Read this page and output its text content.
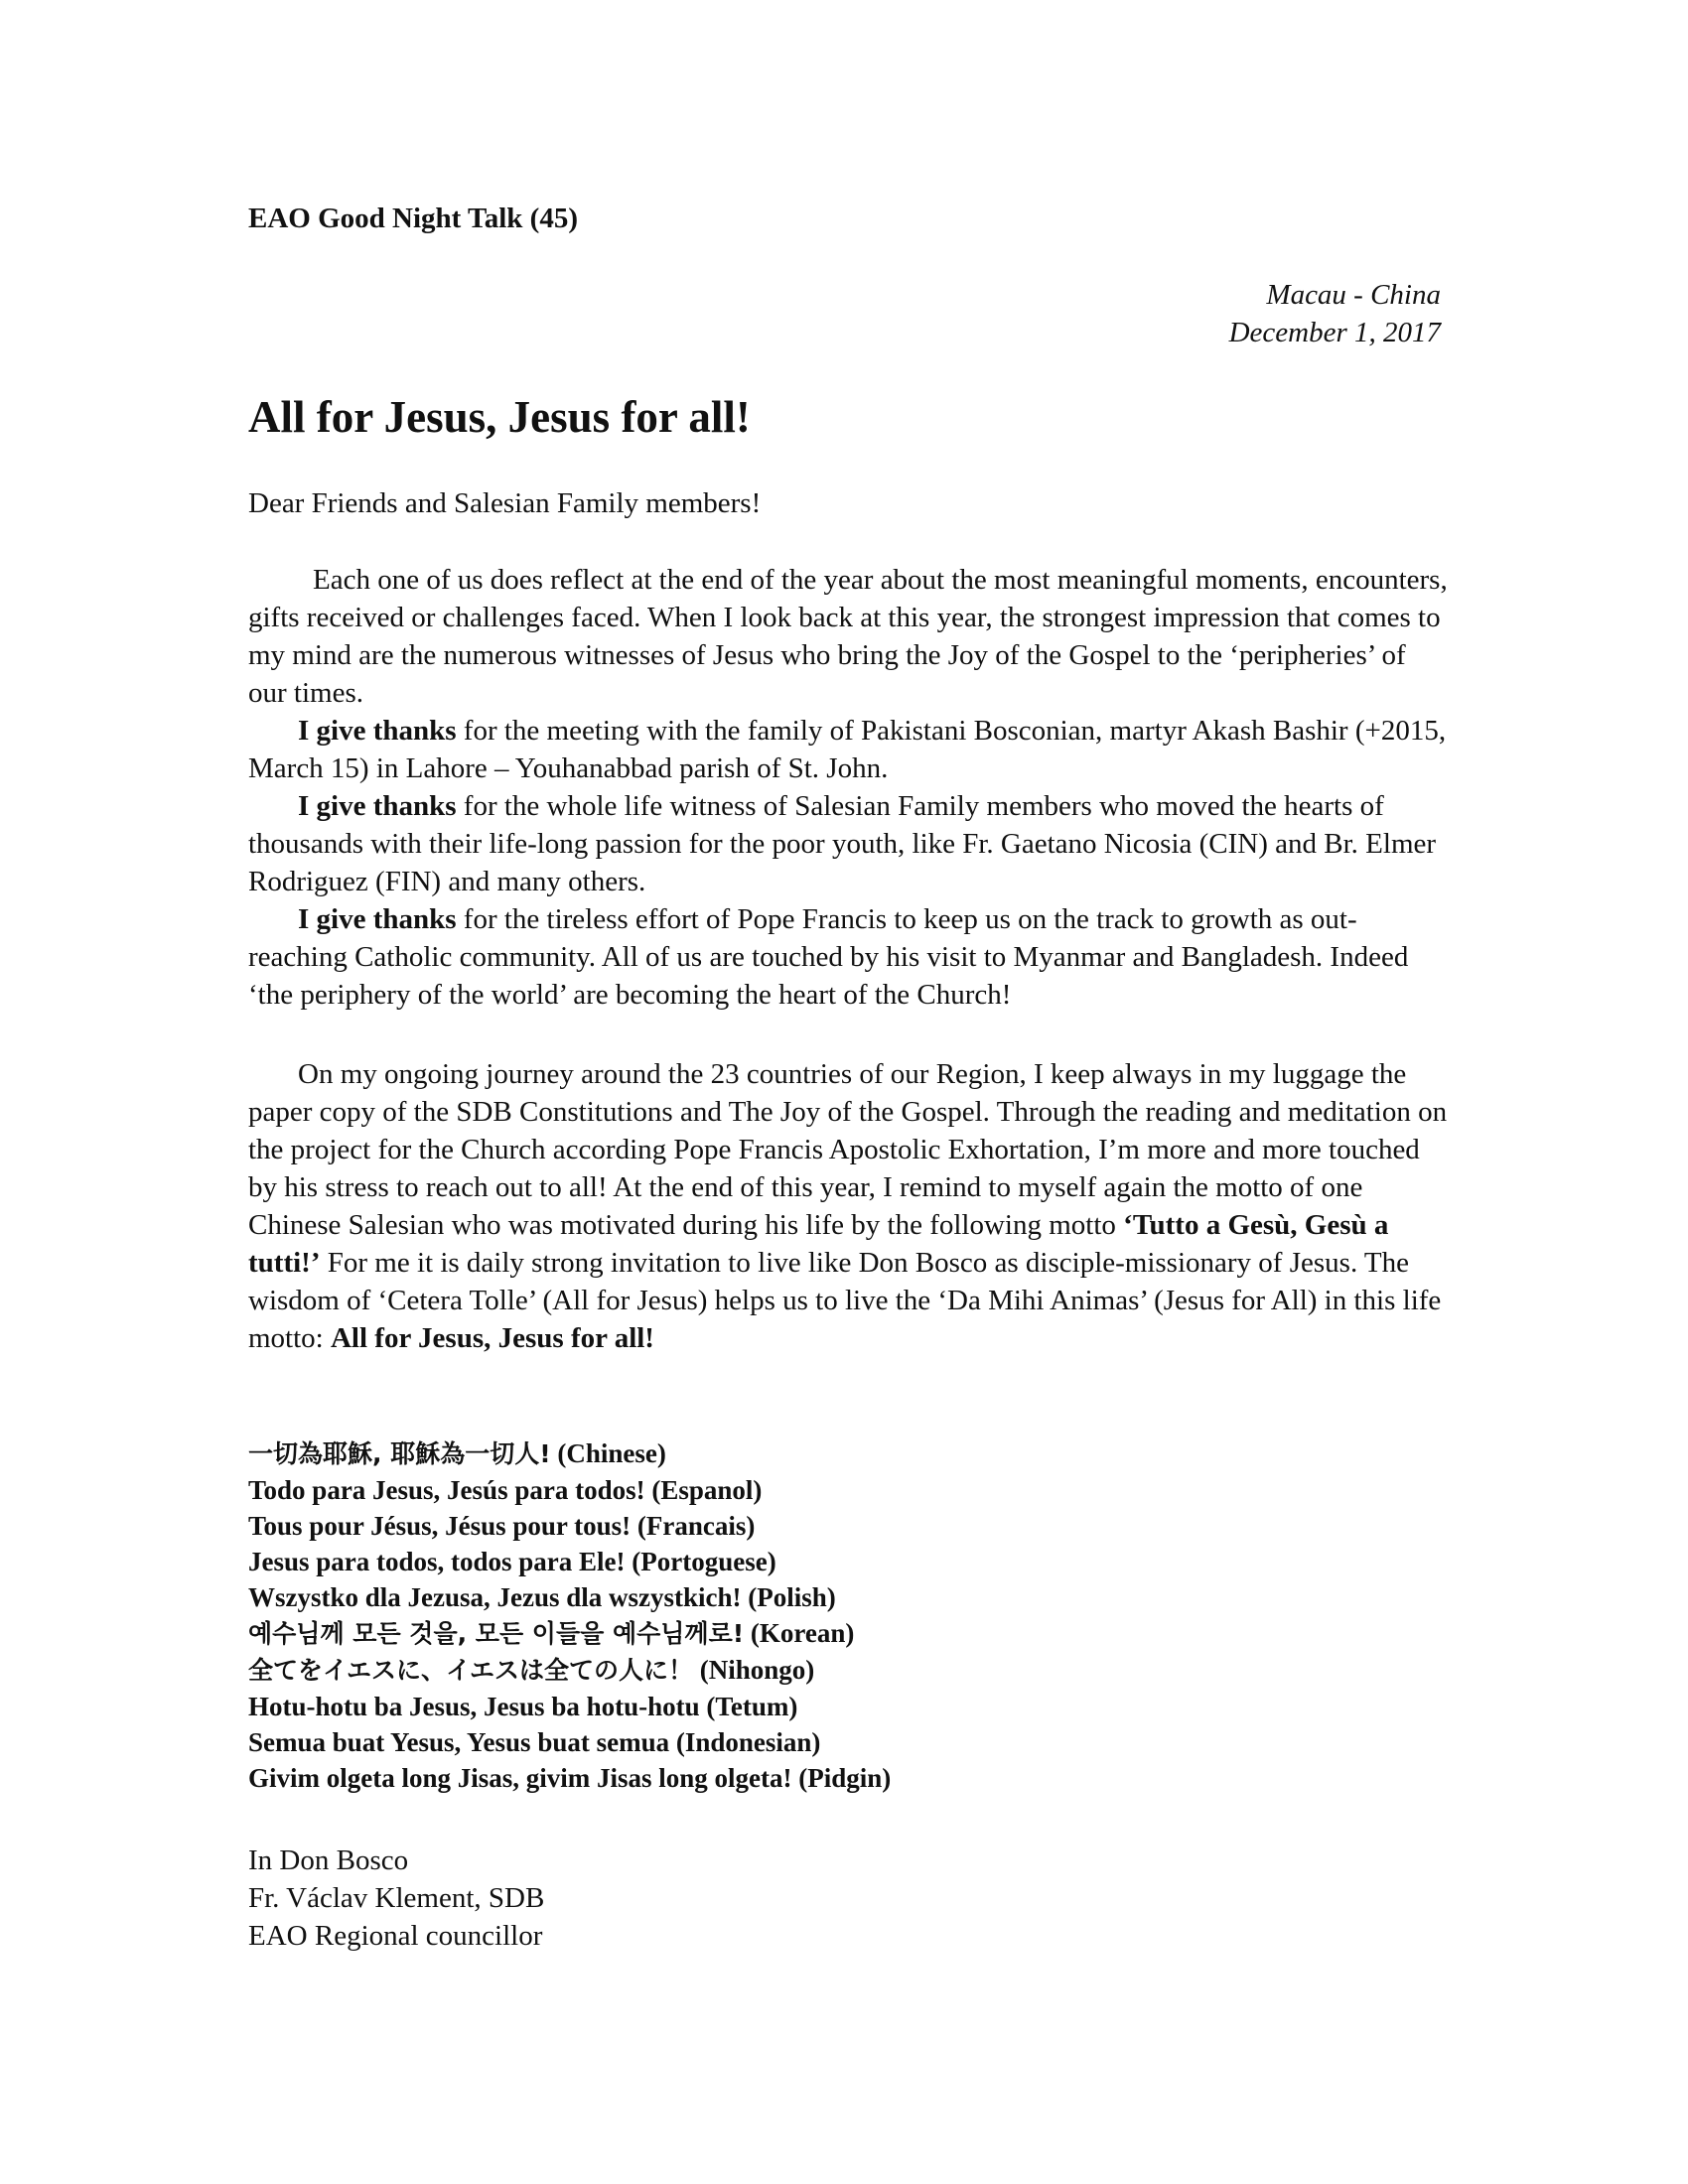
EAO Good Night Talk (45)
Macau - China
December 1, 2017
All for Jesus, Jesus for all!

Dear Friends and Salesian Family members!

Each one of us does reflect at the end of the year about the most meaningful moments, encounters, gifts received or challenges faced. When I look back at this year, the strongest impression that comes to my mind are the numerous witnesses of Jesus who bring the Joy of the Gospel to the ‘peripheries’ of our times.

I give thanks for the meeting with the family of Pakistani Bosconian, martyr Akash Bashir (+2015, March 15) in Lahore – Youhanabbad parish of St. John.

I give thanks for the whole life witness of Salesian Family members who moved the hearts of thousands with their life-long passion for the poor youth, like Fr. Gaetano Nicosia (CIN) and Br. Elmer Rodriguez (FIN) and many others.

I give thanks for the tireless effort of Pope Francis to keep us on the track to growth as out-reaching Catholic community. All of us are touched by his visit to Myanmar and Bangladesh. Indeed ‘the periphery of the world’ are becoming the heart of the Church!

On my ongoing journey around the 23 countries of our Region, I keep always in my luggage the paper copy of the SDB Constitutions and The Joy of the Gospel. Through the reading and meditation on the project for the Church according Pope Francis Apostolic Exhortation, I’m more and more touched by his stress to reach out to all! At the end of this year, I remind to myself again the motto of one Chinese Salesian who was motivated during his life by the following motto ‘Tutto a Gesù, Gesù a tutti!’ For me it is daily strong invitation to live like Don Bosco as disciple-missionary of Jesus. The wisdom of ‘Cetera Tolle’ (All for Jesus) helps us to live the ‘Da Mihi Animas’ (Jesus for All) in this life motto: All for Jesus, Jesus for all!

一切為耶穌, 耶穌為一切人! (Chinese)
Todo para Jesus, Jesús para todos! (Espanol)
Tous pour Jésus, Jésus pour tous! (Francais)
Jesus para todos, todos para Ele! (Portoguese)
Wszystko dla Jezusa, Jezus dla wszystkich! (Polish)
예수님께 모든 것을, 모든 이들을 예수님께로! (Korean)
全てをイエスに、イエスは全ての人に！ (Nihongo)
Hotu-hotu ba Jesus, Jesus ba hotu-hotu (Tetum)
Semua buat Yesus, Yesus buat semua (Indonesian)
Givim olgeta long Jisas, givim Jisas long olgeta! (Pidgin)
In Don Bosco
Fr. Václav Klement, SDB
EAO Regional councillor
